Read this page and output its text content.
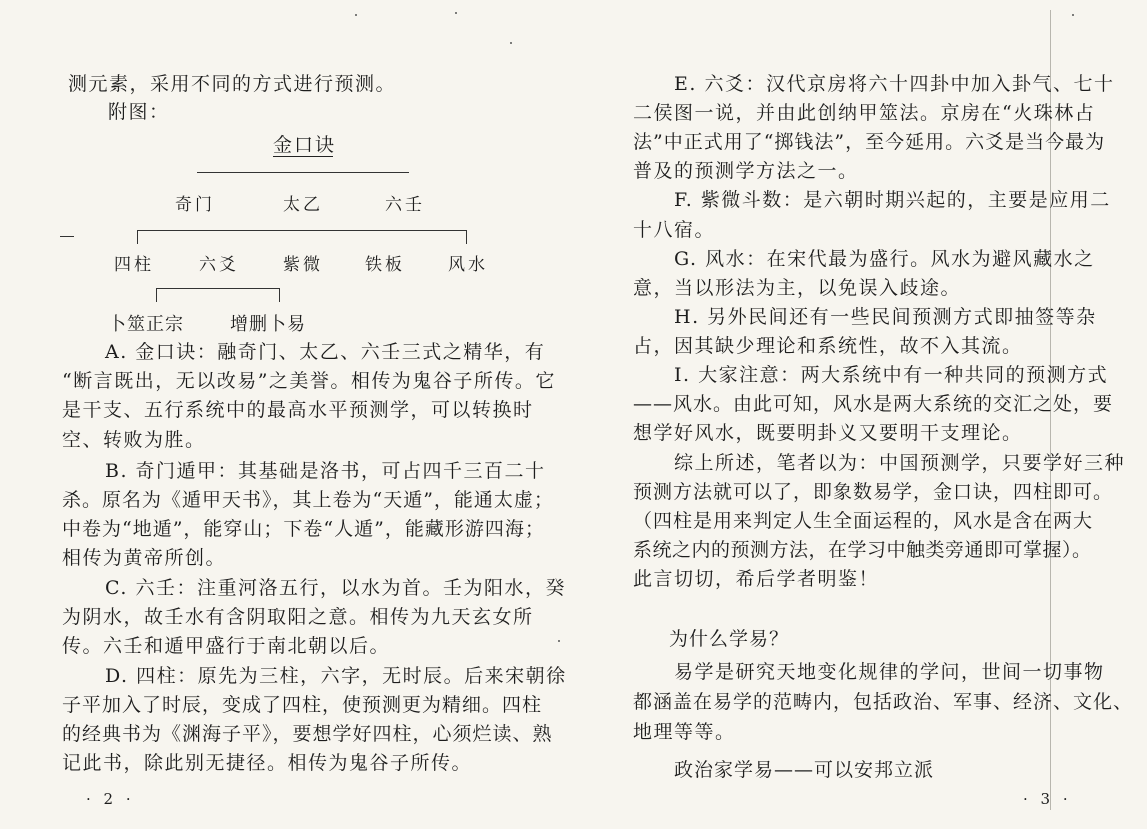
测元素，采用不同的方式进行预测。
附图：
金口诀
奇门	太乙	六壬
四柱	六爻	紫微 铁板	风水
卜筮正宗	增删卜易
A. 金口诀：融奇门、太乙、六壬三式之精华，有
“断言既出，无以改易”之美誉。相传为鬼谷子所传。它
是干支、五行系统中的最高水平预测学，可以转换时
空、转败为胜。
B. 奇门遁甲：其基础是洛书，可占四千三百二十
杀。原名为《遁甲天书》，其上卷为“天遁”，能通太虚；
中卷为“地遁”，能穿山；下卷“人遁”，能藏形游四海；
相传为黄帝所创。
C. 六壬：注重河洛五行，以水为首。壬为阳水，癸
为阴水，故壬水有含阴取阳之意。相传为九天玄女所
传。六壬和遁甲盛行于南北朝以后。
D. 四柱：原先为三柱，六字，无时辰。后来宋朝徐
子平加入了时辰，变成了四柱，使预测更为精细。四柱
的经典书为《渊海子平》，要想学好四柱，心须烂读、熟
记此书，除此别无捷径。相传为鬼谷子所传。
· 2 ·
E. 六爻：汉代京房将六十四卦中加入卦气、七十
二侯图一说，并由此创纳甲筮法。京房在“火珠林占
法”中正式用了“掷钱法”，至今延用。六爻是当今最为
普及的预测学方法之一。
F. 紫微斗数：是六朝时期兴起的，主要是应用二
十八宿。
G. 风水：在宋代最为盛行。风水为避风藏水之
意，当以形法为主，以免误入歧途。
H. 另外民间还有一些民间预测方式即抽签等杂
占，因其缺少理论和系统性，故不入其流。
I. 大家注意：两大系统中有一种共同的预测方式
——风水。由此可知，风水是两大系统的交汇之处，要
想学好风水，既要明卦义又要明干支理论。
综上所述，笔者以为：中国预测学，只要学好三种
预测方法就可以了，即象数易学，金口诀，四柱即可。
（四柱是用来判定人生全面运程的，风水是含在两大
系统之内的预测方法，在学习中触类旁通即可掌握）。
此言切切，希后学者明鉴！
为什么学易？
易学是研究天地变化规律的学问，世间一切事物
都涵盖在易学的范畴内，包括政治、军事、经济、文化、
地理等等。
政治家学易——可以安邦立派
· 3 ·
